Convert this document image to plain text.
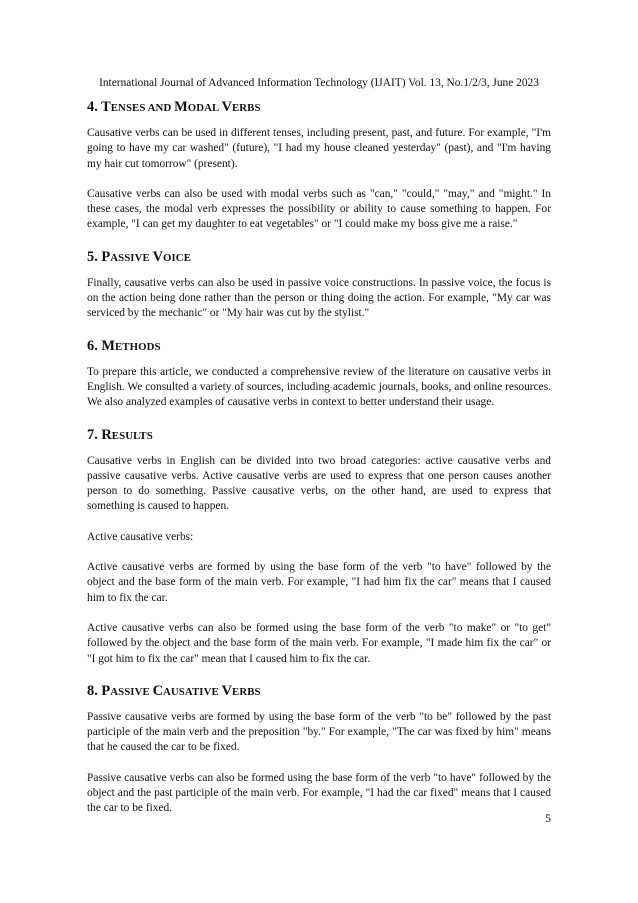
International Journal of Advanced Information Technology (IJAIT) Vol. 13, No.1/2/3, June 2023
4. TENSES AND MODAL VERBS

Causative verbs can be used in different tenses, including present, past, and future. For example, "I'm going to have my car washed" (future), "I had my house cleaned yesterday" (past), and "I'm having my hair cut tomorrow" (present).

Causative verbs can also be used with modal verbs such as "can," "could," "may," and "might." In these cases, the modal verb expresses the possibility or ability to cause something to happen. For example, "I can get my daughter to eat vegetables" or "I could make my boss give me a raise."

5. PASSIVE VOICE

Finally, causative verbs can also be used in passive voice constructions. In passive voice, the focus is on the action being done rather than the person or thing doing the action. For example, "My car was serviced by the mechanic" or "My hair was cut by the stylist."

6. METHODS

To prepare this article, we conducted a comprehensive review of the literature on causative verbs in English. We consulted a variety of sources, including academic journals, books, and online resources. We also analyzed examples of causative verbs in context to better understand their usage.

7. RESULTS

Causative verbs in English can be divided into two broad categories: active causative verbs and passive causative verbs. Active causative verbs are used to express that one person causes another person to do something. Passive causative verbs, on the other hand, are used to express that something is caused to happen.

Active causative verbs:

Active causative verbs are formed by using the base form of the verb "to have" followed by the object and the base form of the main verb. For example, "I had him fix the car" means that I caused him to fix the car.

Active causative verbs can also be formed using the base form of the verb "to make" or "to get" followed by the object and the base form of the main verb. For example, "I made him fix the car" or "I got him to fix the car" mean that I caused him to fix the car.

8. PASSIVE CAUSATIVE VERBS

Passive causative verbs are formed by using the base form of the verb "to be" followed by the past participle of the main verb and the preposition "by." For example, "The car was fixed by him" means that he caused the car to be fixed.

Passive causative verbs can also be formed using the base form of the verb "to have" followed by the object and the past participle of the main verb. For example, "I had the car fixed" means that I caused the car to be fixed.

5
